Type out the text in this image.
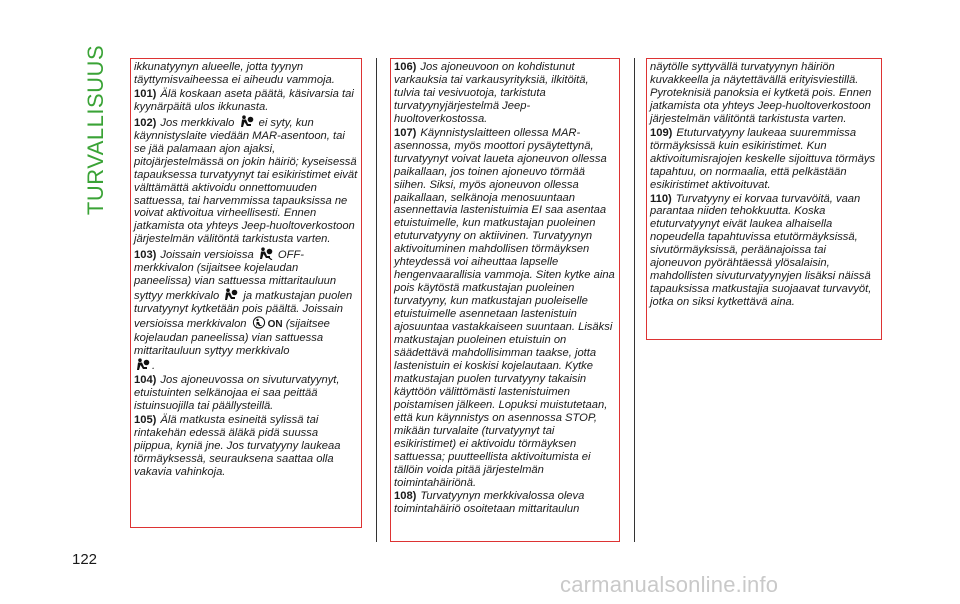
TURVALLISUUS ikkunatyynyn alueelle, jotta tyynyn täyttymisvaiheessa ei aiheudu vammoja.

101) Älä koskaan aseta päätä, käsivarsia tai kyynärpäitä ulos ikkunasta.

102) Jos merkkivalo ei syty, kun käynnistyslaite viedään MAR-asentoon, tai se jää palamaan ajon ajaksi, pitojärjestelmässä on jokin häiriö; kyseisessä tapauksessa turvatyynyt tai esikiristimet eivät välttämättä aktivoidu onnettomuuden sattuessa, tai harvemmissa tapauksissa ne voivat aktivoitua virheellisesti. Ennen jatkamista ota yhteys Jeep-huoltoverkostoon järjestelmän välitöntä tarkistusta varten.

103) Joissain versioissa OFF-merkkivalon (sijaitsee kojelaudan paneelissa) vian sattuessa mittaritauluun syttyy merkkivalo ja matkustajan puolen turvatyynyt kytketään pois päältä. Joissain versioissa merkkivalon ON (sijaitsee kojelaudan paneelissa) vian sattuessa mittaritauluun syttyy merkkivalo

.

104) Jos ajoneuvossa on sivuturvatyynyt, etuistuinten selkänojaa ei saa peittää istuinsuojilla tai päällysteillä.

105) Älä matkusta esineitä sylissä tai rintakehän edessä äläkä pidä suussa piippua, kyniä jne. Jos turvatyyny laukeaa törmäyksessä, seurauksena saattaa olla vakavia vahinkoja.

106) Jos ajoneuvoon on kohdistunut varkauksia tai varkausyrityksiä, ilkitöitä, tulvia tai vesivuotoja, tarkistuta turvatyynyjärjestelmä Jeep-huoltoverkostossa.

107) Käynnistyslaitteen ollessa MAR-asennossa, myös moottori pysäytettynä, turvatyynyt voivat laueta ajoneuvon ollessa paikallaan, jos toinen ajoneuvo törmää siihen. Siksi, myös ajoneuvon ollessa paikallaan, selkänoja menosuuntaan asennettavia lastenistuimia EI saa asentaa etuistuimelle, kun matkustajan puoleinen etuturvatyyny on aktiivinen. Turvatyynyn aktivoituminen mahdollisen törmäyksen yhteydessä voi aiheuttaa lapselle hengenvaarallisia vammoja. Siten kytke aina pois käytöstä matkustajan puoleinen turvatyyny, kun matkustajan puoleiselle etuistuimelle asennetaan lastenistuin ajosuuntaa vastakkaiseen suuntaan. Lisäksi matkustajan puoleinen etuistuin on säädettävä mahdollisimman taakse, jotta lastenistuin ei koskisi kojelautaan. Kytke matkustajan puolen turvatyyny takaisin käyttöön välittömästi lastenistuimen poistamisen jälkeen. Lopuksi muistutetaan, että kun käynnistys on asennossa STOP, mikään turvalaite (turvatyynyt tai esikiristimet) ei aktivoidu törmäyksen sattuessa; puutteellista aktivoitumista ei tällöin voida pitää järjestelmän toimintahäiriönä.

108) Turvatyynyn merkkivalossa oleva toimintahäiriö osoitetaan mittaritaulun

näytölle syttyvällä turvatyynyn häiriön kuvakkeella ja näytettävällä erityisviestillä. Pyroteknisiä panoksia ei kytketä pois. Ennen jatkamista ota yhteys Jeep-huoltoverkostoon järjestelmän välitöntä tarkistusta varten.

109) Etuturvatyyny laukeaa suuremmissa törmäyksissä kuin esikiristimet. Kun aktivoitumisrajojen keskelle sijoittuva törmäys tapahtuu, on normaalia, että pelkästään esikiristimet aktivoituvat.

110) Turvatyyny ei korvaa turvavöitä, vaan parantaa niiden tehokkuutta. Koska etuturvatyynyt eivät laukea alhaisella nopeudella tapahtuvissa etutörmäyksissä, sivutörmäyksissä, peräänajoissa tai ajoneuvon pyörähtäessä ylösalaisin, mahdollisten sivuturvatyynyjen lisäksi näissä tapauksissa matkustajia suojaavat turvavyöt, jotka on siksi kytkettävä aina.

122
carmanualsonline.info
